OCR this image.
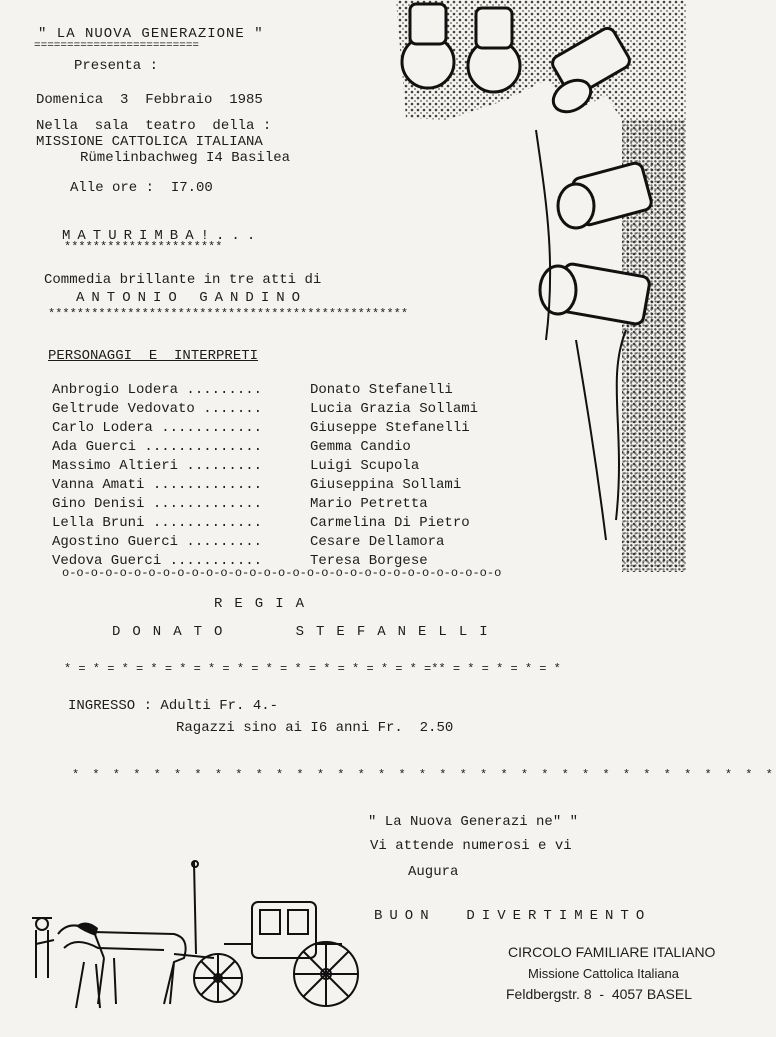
" LA NUOVA GENERAZIONE "
=========================
Presenta :
Domenica  3  Febbraio  1985
Nella  sala  teatro  della :
MISSIONE CATTOLICA ITALIANA
Rümelinbachweg I4 Basilea
Alle ore :  I7.00
MATURIMBA!...
**********************
Commedia brillante in tre atti di
ANTONIO GANDINO
**************************************************
PERSONAGGI  E  INTERPRETI
Anbrogio Lodera .........	Donato Stefanelli
Geltrude Vedovato .......	Lucia Grazia Sollami
Carlo Lodera ............	Giuseppe Stefanelli
Ada Guerci ..............	Gemma Candio
Massimo Altieri .........	Luigi Scupola
Vanna Amati .............	Giuseppina Sollami
Gino Denisi .............	Mario Petretta
Lella Bruni .............	Carmelina Di Pietro
Agostino Guerci .........	Cesare Dellamora
Vedova Guerci ...........	Teresa Borgese
o-o-o-o-o-o-o-o-o-o-o-o-o-o-o-o-o-o-o-o-o-o-o-o-o-o-o-o-o-o-o
REGIA
DONATO   STEFANELLI
* = * = * = * = * = * = * = * = * = * = * = * = * =** = * = * = * = *
INGRESSO : Adulti Fr. 4.-
Ragazzi sino ai I6 anni Fr.  2.50
* * * * * * * * * * * * * * * * * * * * * * * * * * * * * * * * * * *
" La Nuova Generazi ne" "
Vi attende numerosi e vi
Augura
BUON  DIVERTIMENTO
CIRCOLO FAMILIARE ITALIANO
Missione Cattolica Italiana
Feldbergstr. 8  -  4057 BASEL
